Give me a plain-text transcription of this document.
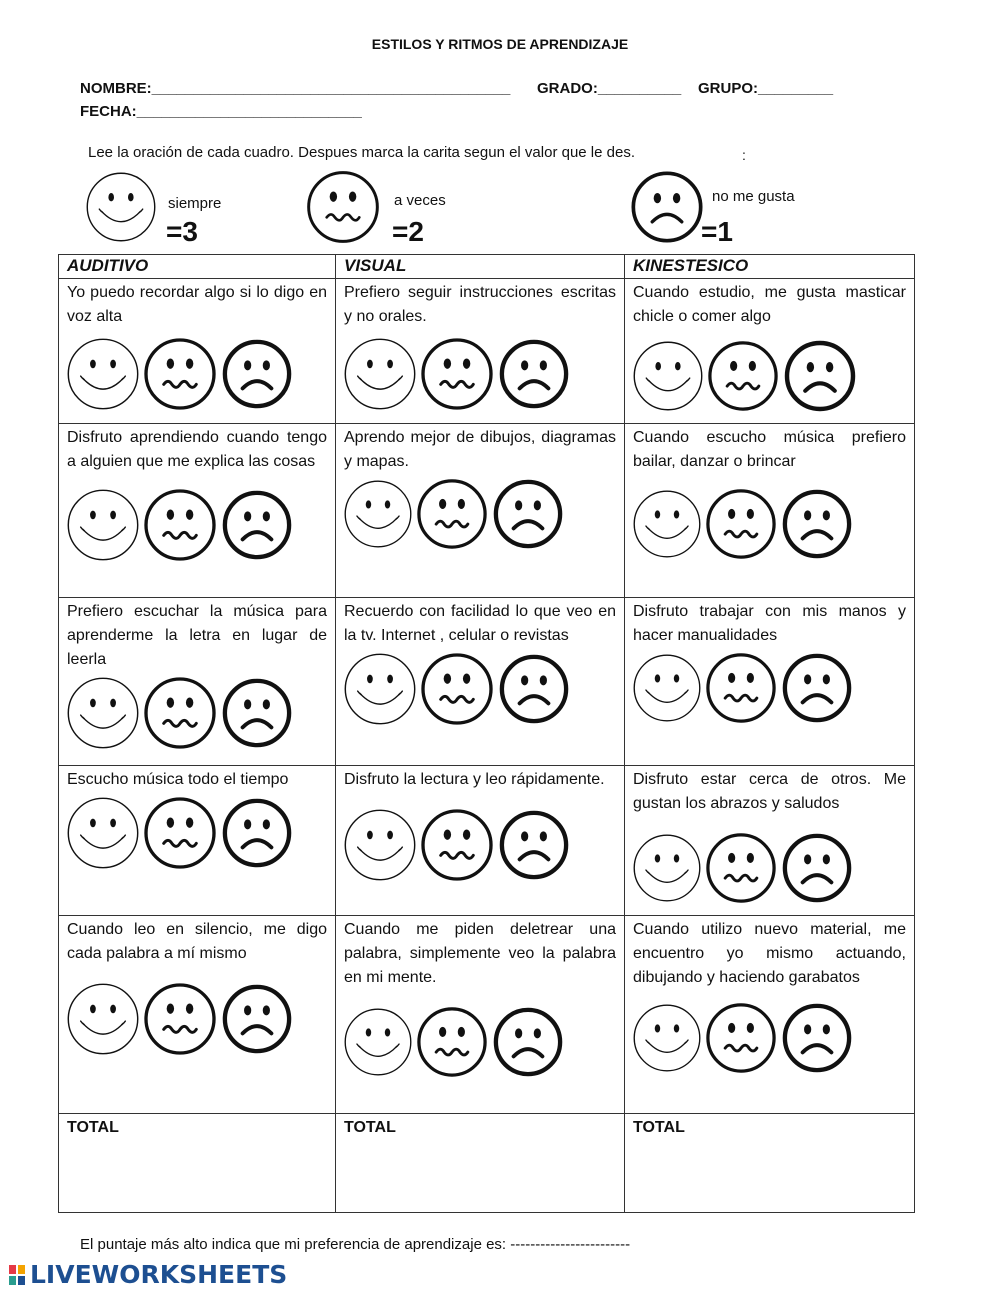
ESTILOS Y RITMOS DE APRENDIZAJE
NOMBRE:___________________________________________ GRADO:__________ GRUPO:_________
FECHA:___________________________
Lee la oración de cada cuadro. Despues marca la carita segun el valor que le des.	:
siempre
=3
a veces
=2
no me gusta
=1
AUDITIVO	VISUAL	KINESTESICO

Yo puedo recordar algo si lo digo en voz alta	Prefiero seguir instrucciones escritas y no orales.	Cuando estudio, me gusta masticar chicle o comer algo

Disfruto aprendiendo cuando tengo a alguien que me explica las cosas	Aprendo mejor de dibujos, diagramas y mapas.	Cuando escucho música prefiero bailar, danzar o brincar

Prefiero escuchar la música para aprenderme la letra en lugar de leerla	Recuerdo con facilidad lo que veo en la tv. Internet , celular o revistas	Disfruto trabajar con mis manos y hacer manualidades

Escucho música todo el tiempo	Disfruto la lectura y leo rápidamente.	Disfruto estar cerca de otros. Me gustan los abrazos y saludos

Cuando leo en silencio, me digo cada palabra a mí mismo	Cuando me piden deletrear una palabra, simplemente veo la palabra en mi mente.	Cuando utilizo nuevo material, me encuentro yo mismo actuando, dibujando y haciendo garabatos

TOTAL	TOTAL	TOTAL
El puntaje más alto indica que mi preferencia de aprendizaje es: ------------------------
LIVEWORKSHEETS
